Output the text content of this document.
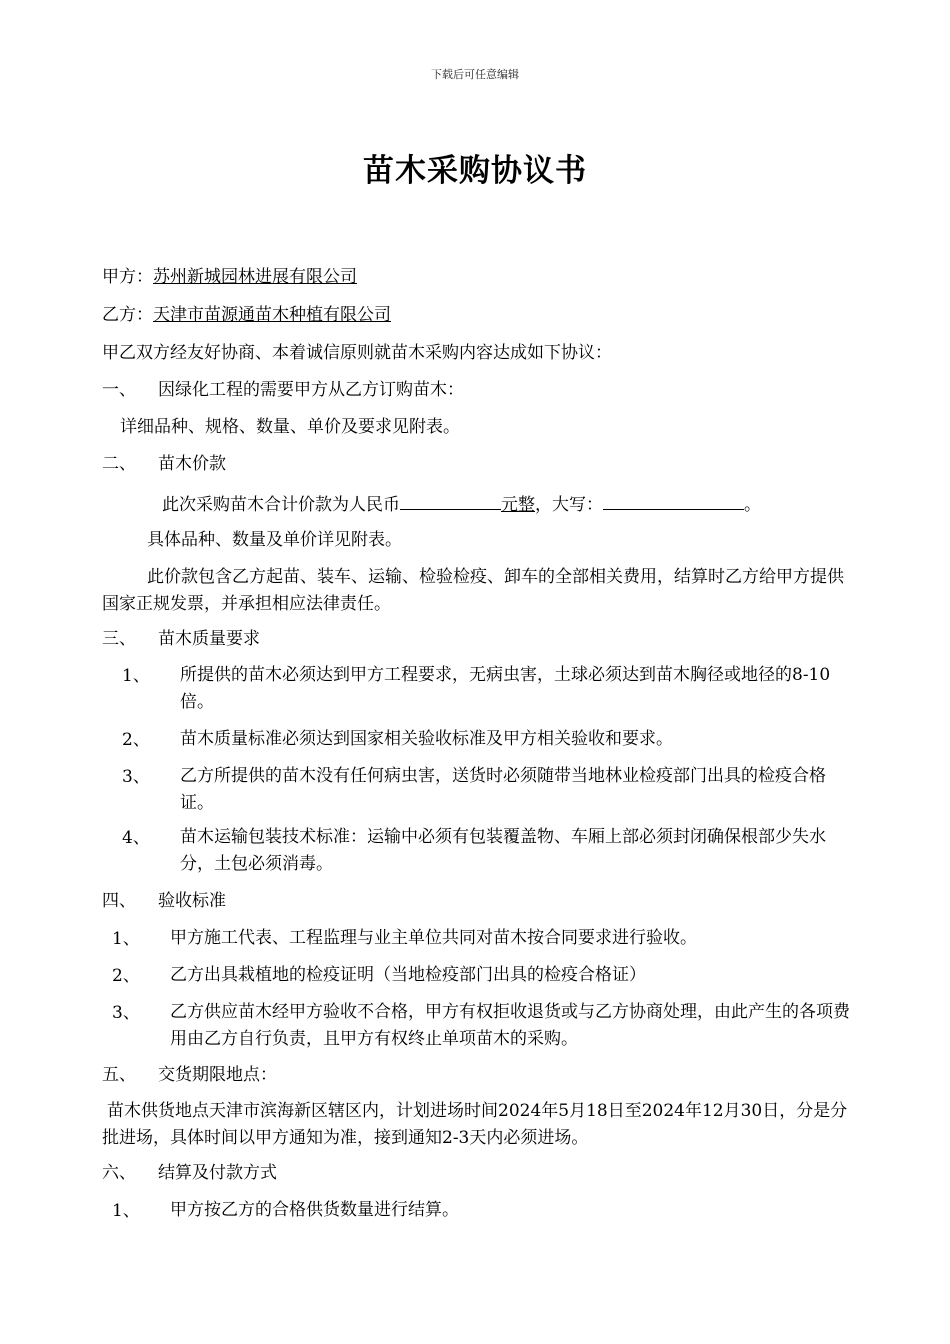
下载后可任意编辑
苗木采购协议书
甲方：苏州新城园林进展有限公司
乙方：天津市苗源通苗木种植有限公司
甲乙双方经友好协商、本着诚信原则就苗木采购内容达成如下协议：
一、 因绿化工程的需要甲方从乙方订购苗木：
详细品种、规格、数量、单价及要求见附表。
二、 苗木价款
此次采购苗木合计价款为人民币	元整，大写：	。
具体品种、数量及单价详见附表。
此价款包含乙方起苗、装车、运输、检验检疫、卸车的全部相关费用，结算时乙方给甲方提供国家正规发票，并承担相应法律责任。
三、 苗木质量要求
1、 所提供的苗木必须达到甲方工程要求，无病虫害，土球必须达到苗木胸径或地径的8-10倍。
2、 苗木质量标准必须达到国家相关验收标准及甲方相关验收和要求。
3、 乙方所提供的苗木没有任何病虫害，送货时必须随带当地林业检疫部门出具的检疫合格证。
4、 苗木运输包装技术标准：运输中必须有包装覆盖物、车厢上部必须封闭确保根部少失水分，土包必须消毒。
四、 验收标准
1、 甲方施工代表、工程监理与业主单位共同对苗木按合同要求进行验收。
2、 乙方出具栽植地的检疫证明（当地检疫部门出具的检疫合格证）
3、 乙方供应苗木经甲方验收不合格，甲方有权拒收退货或与乙方协商处理，由此产生的各项费用由乙方自行负责，且甲方有权终止单项苗木的采购。
五、 交货期限地点：
苗木供货地点天津市滨海新区辖区内，计划进场时间2024年5月18日至2024年12月30日，分是分批进场，具体时间以甲方通知为准，接到通知2-3天内必须进场。
六、 结算及付款方式
1、 甲方按乙方的合格供货数量进行结算。
